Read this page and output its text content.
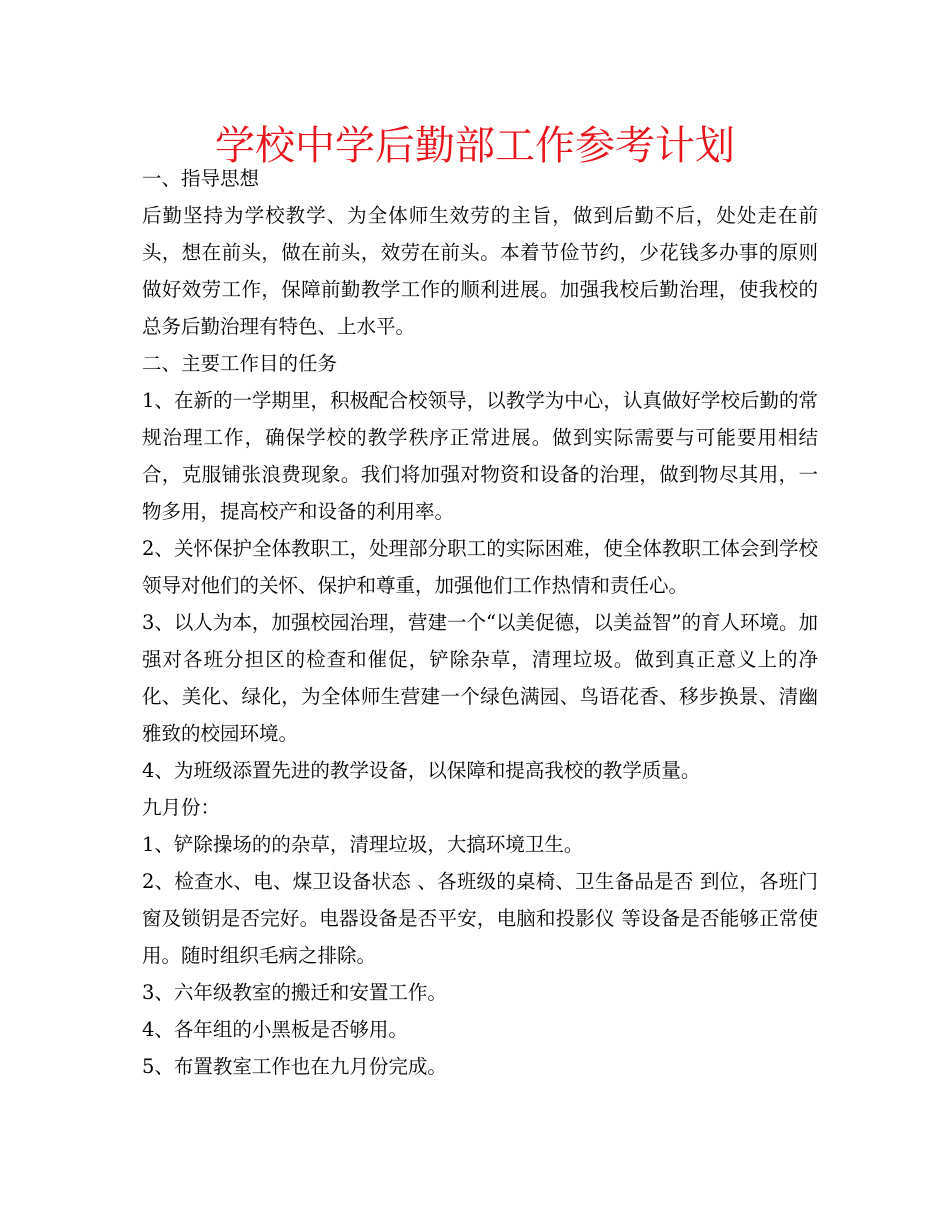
学校中学后勤部工作参考计划

一、指导思想

后勤坚持为学校教学、为全体师生效劳的主旨，做到后勤不后，处处走在前头，想在前头，做在前头，效劳在前头。本着节俭节约，少花钱多办事的原则做好效劳工作，保障前勤教学工作的顺利进展。加强我校后勤治理，使我校的总务后勤治理有特色、上水平。

二、主要工作目的任务

1、在新的一学期里，积极配合校领导，以教学为中心，认真做好学校后勤的常规治理工作，确保学校的教学秩序正常进展。做到实际需要与可能要用相结合，克服铺张浪费现象。我们将加强对物资和设备的治理，做到物尽其用，一物多用，提高校产和设备的利用率。

2、关怀保护全体教职工，处理部分职工的实际困难，使全体教职工体会到学校领导对他们的关怀、保护和尊重，加强他们工作热情和责任心。

3、以人为本，加强校园治理，营建一个“以美促德，以美益智”的育人环境。加强对各班分担区的检查和催促，铲除杂草，清理垃圾。做到真正意义上的净化、美化、绿化，为全体师生营建一个绿色满园、鸟语花香、移步换景、清幽雅致的校园环境。

4、为班级添置先进的教学设备，以保障和提高我校的教学质量。

九月份：

1、铲除操场的的杂草，清理垃圾，大搞环境卫生。

2、检查水、电、煤卫设备状态 、各班级的桌椅、卫生备品是否 到位，各班门窗及锁钥是否完好。电器设备是否平安，电脑和投影仪 等设备是否能够正常使用。随时组织毛病之排除。

3、六年级教室的搬迁和安置工作。

4、各年组的小黑板是否够用。

5、布置教室工作也在九月份完成。
